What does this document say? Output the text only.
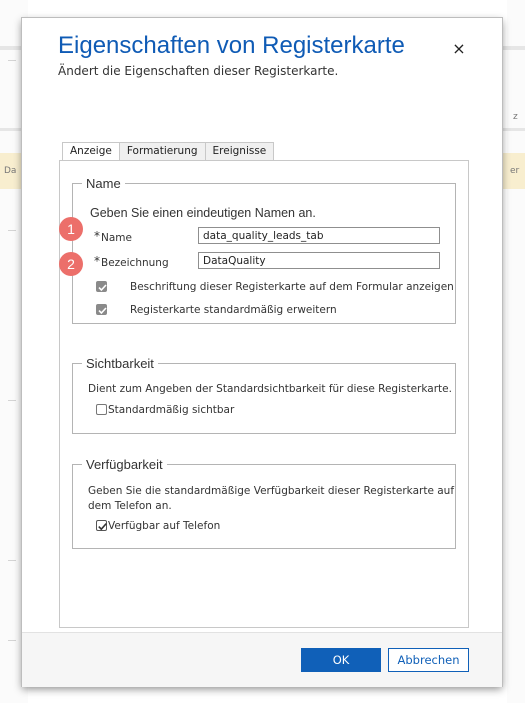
Da	er
z
Eigenschaften von Registerkarte
Ändert die Eigenschaften dieser Registerkarte.
×
Anzeige	Formatierung	Ereignisse
Name
Geben Sie einen eindeutigen Namen an.
* Name
data_quality_leads_tab
* Bezeichnung
DataQuality
Beschriftung dieser Registerkarte auf dem Formular anzeigen
Registerkarte standardmäßig erweitern
Sichtbarkeit
Dient zum Angeben der Standardsichtbarkeit für diese Registerkarte.
Standardmäßig sichtbar
Verfügbarkeit
Geben Sie die standardmäßige Verfügbarkeit dieser Registerkarte auf
dem Telefon an.
Verfügbar auf Telefon
1
2
OK	Abbrechen
